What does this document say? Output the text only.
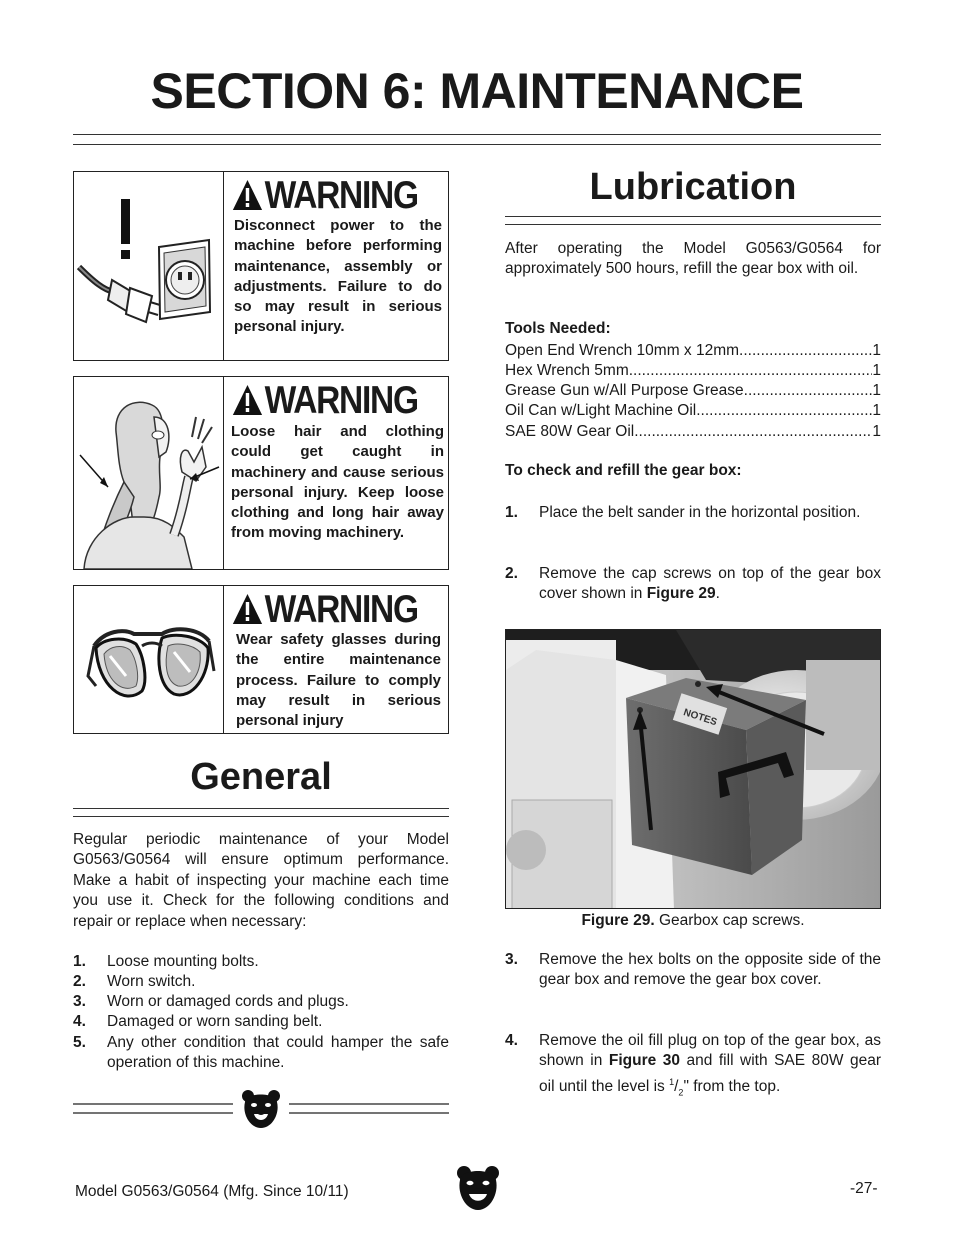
SECTION 6: MAINTENANCE
WARNING
Disconnect power to the machine before performing maintenance, assembly or adjustments. Failure to do so may result in serious personal injury.
WARNING
Loose hair and clothing could get caught in machinery and cause serious personal injury. Keep loose clothing and long hair away from moving machinery.
WARNING
Wear safety glasses during the entire maintenance process. Failure to comply may result in serious personal injury
General
Regular periodic maintenance of your Model G0563/G0564 will ensure optimum performance. Make a habit of inspecting your machine each time you use it. Check for the following conditions and repair or replace when necessary:
1. Loose mounting bolts.
2. Worn switch.
3. Worn or damaged cords and plugs.
4. Damaged or worn sanding belt.
5. Any other condition that could hamper the safe operation of this machine.
Lubrication
After operating the Model G0563/G0564 for approximately 500 hours, refill the gear box with oil.
Tools Needed:
Open End Wrench 10mm x 12mm .....	1
Hex Wrench 5mm .....	1
Grease Gun w/All Purpose Grease .....	1
Oil Can w/Light Machine Oil .....	1
SAE 80W Gear Oil .....	1
To check and refill the gear box:
1. Place the belt sander in the horizontal position.
2. Remove the cap screws on top of the gear box cover shown in Figure 29.
NOTES
Figure 29. Gearbox cap screws.
3. Remove the hex bolts on the opposite side of the gear box and remove the gear box cover.
4. Remove the oil fill plug on top of the gear box, as shown in Figure 30 and fill with SAE 80W gear oil until the level is $^1/_2$" from the top.
Model G0563/G0564 (Mfg. Since 10/11)	-27-
